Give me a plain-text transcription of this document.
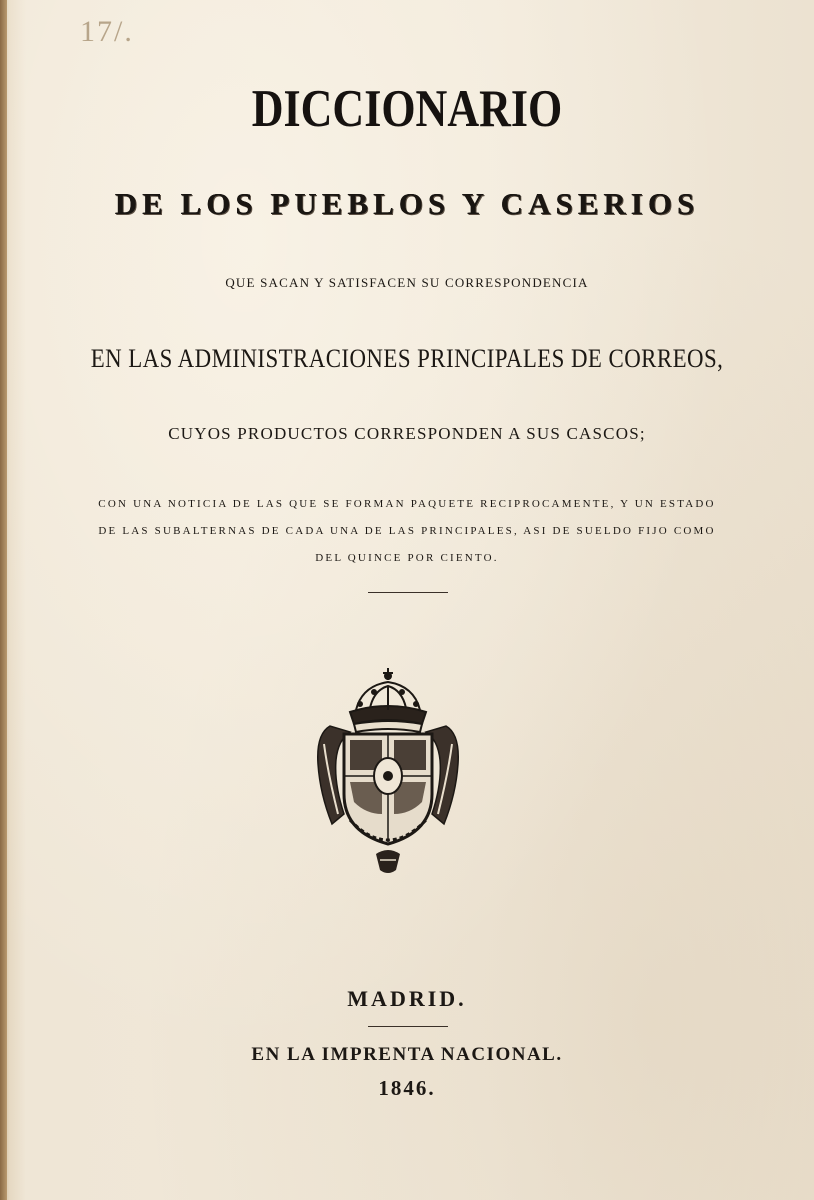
17/.
DICCIONARIO
DE LOS PUEBLOS Y CASERIOS
QUE SACAN Y SATISFACEN SU CORRESPONDENCIA
EN LAS ADMINISTRACIONES PRINCIPALES DE CORREOS,
CUYOS PRODUCTOS CORRESPONDEN A SUS CASCOS;
CON UNA NOTICIA DE LAS QUE SE FORMAN PAQUETE RECIPROCAMENTE, Y UN ESTADO
DE LAS SUBALTERNAS DE CADA UNA DE LAS PRINCIPALES, ASI DE SUELDO FIJO COMO
DEL QUINCE POR CIENTO.
MADRID.
EN LA IMPRENTA NACIONAL.
1846.
